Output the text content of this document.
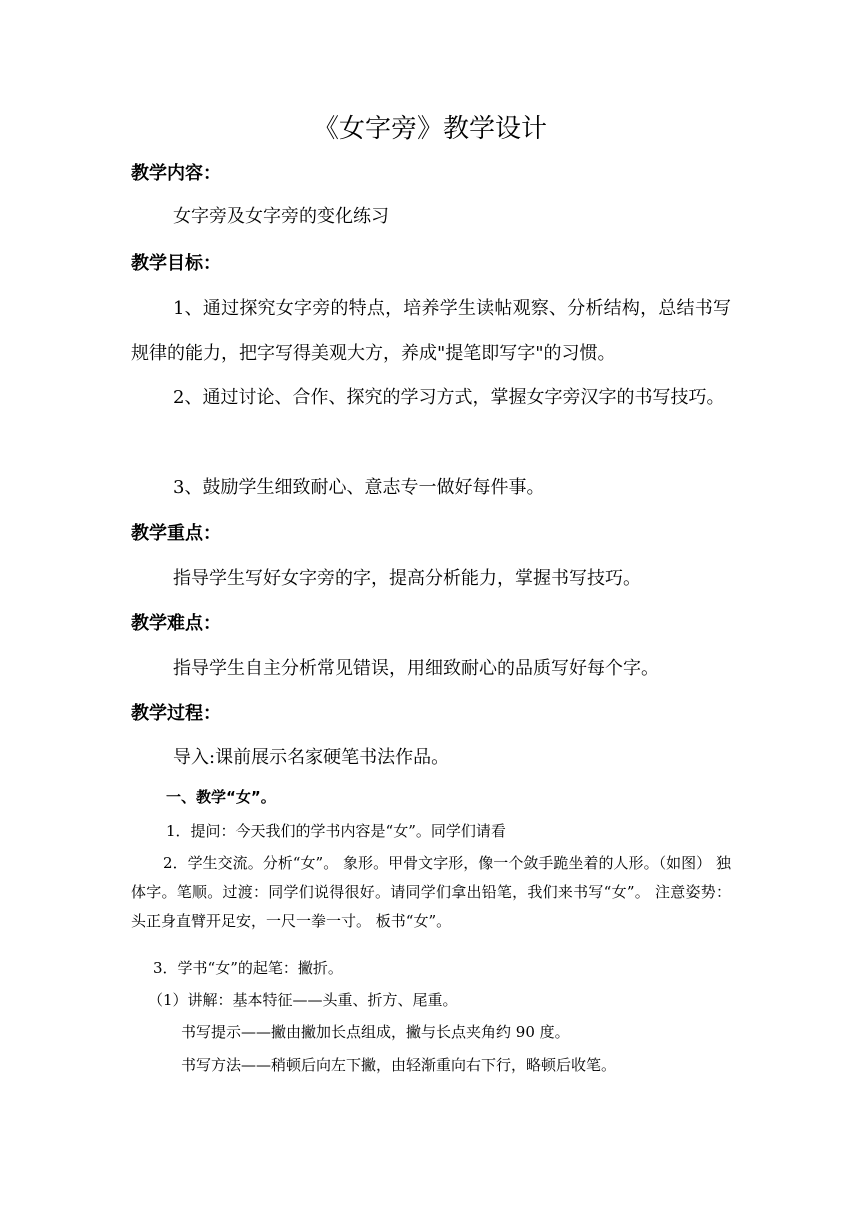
《女字旁》教学设计
教学内容：
女字旁及女字旁的变化练习
教学目标：
1、通过探究女字旁的特点，培养学生读帖观察、分析结构，总结书写规律的能力，把字写得美观大方，养成"提笔即写字"的习惯。
2、通过讨论、合作、探究的学习方式，掌握女字旁汉字的书写技巧。
3、鼓励学生细致耐心、意志专一做好每件事。
教学重点：
指导学生写好女字旁的字，提高分析能力，掌握书写技巧。
教学难点：
指导学生自主分析常见错误，用细致耐心的品质写好每个字。
教学过程：
导入:课前展示名家硬笔书法作品。
一、教学“女”。
1．提问：今天我们的学书内容是“女”。同学们请看
2．学生交流。分析“女”。 象形。甲骨文字形，像一个敛手跪坐着的人形。（如图） 独体字。笔顺。过渡：同学们说得很好。请同学们拿出铅笔，我们来书写“女”。 注意姿势：头正身直臂开足安，一尺一拳一寸。 板书“女”。
3．学书“女”的起笔：撇折。
（1）讲解：基本特征——头重、折方、尾重。
书写提示——撇由撇加长点组成，撇与长点夹角约 90 度。
书写方法——稍顿后向左下撇，由轻渐重向右下行，略顿后收笔。
